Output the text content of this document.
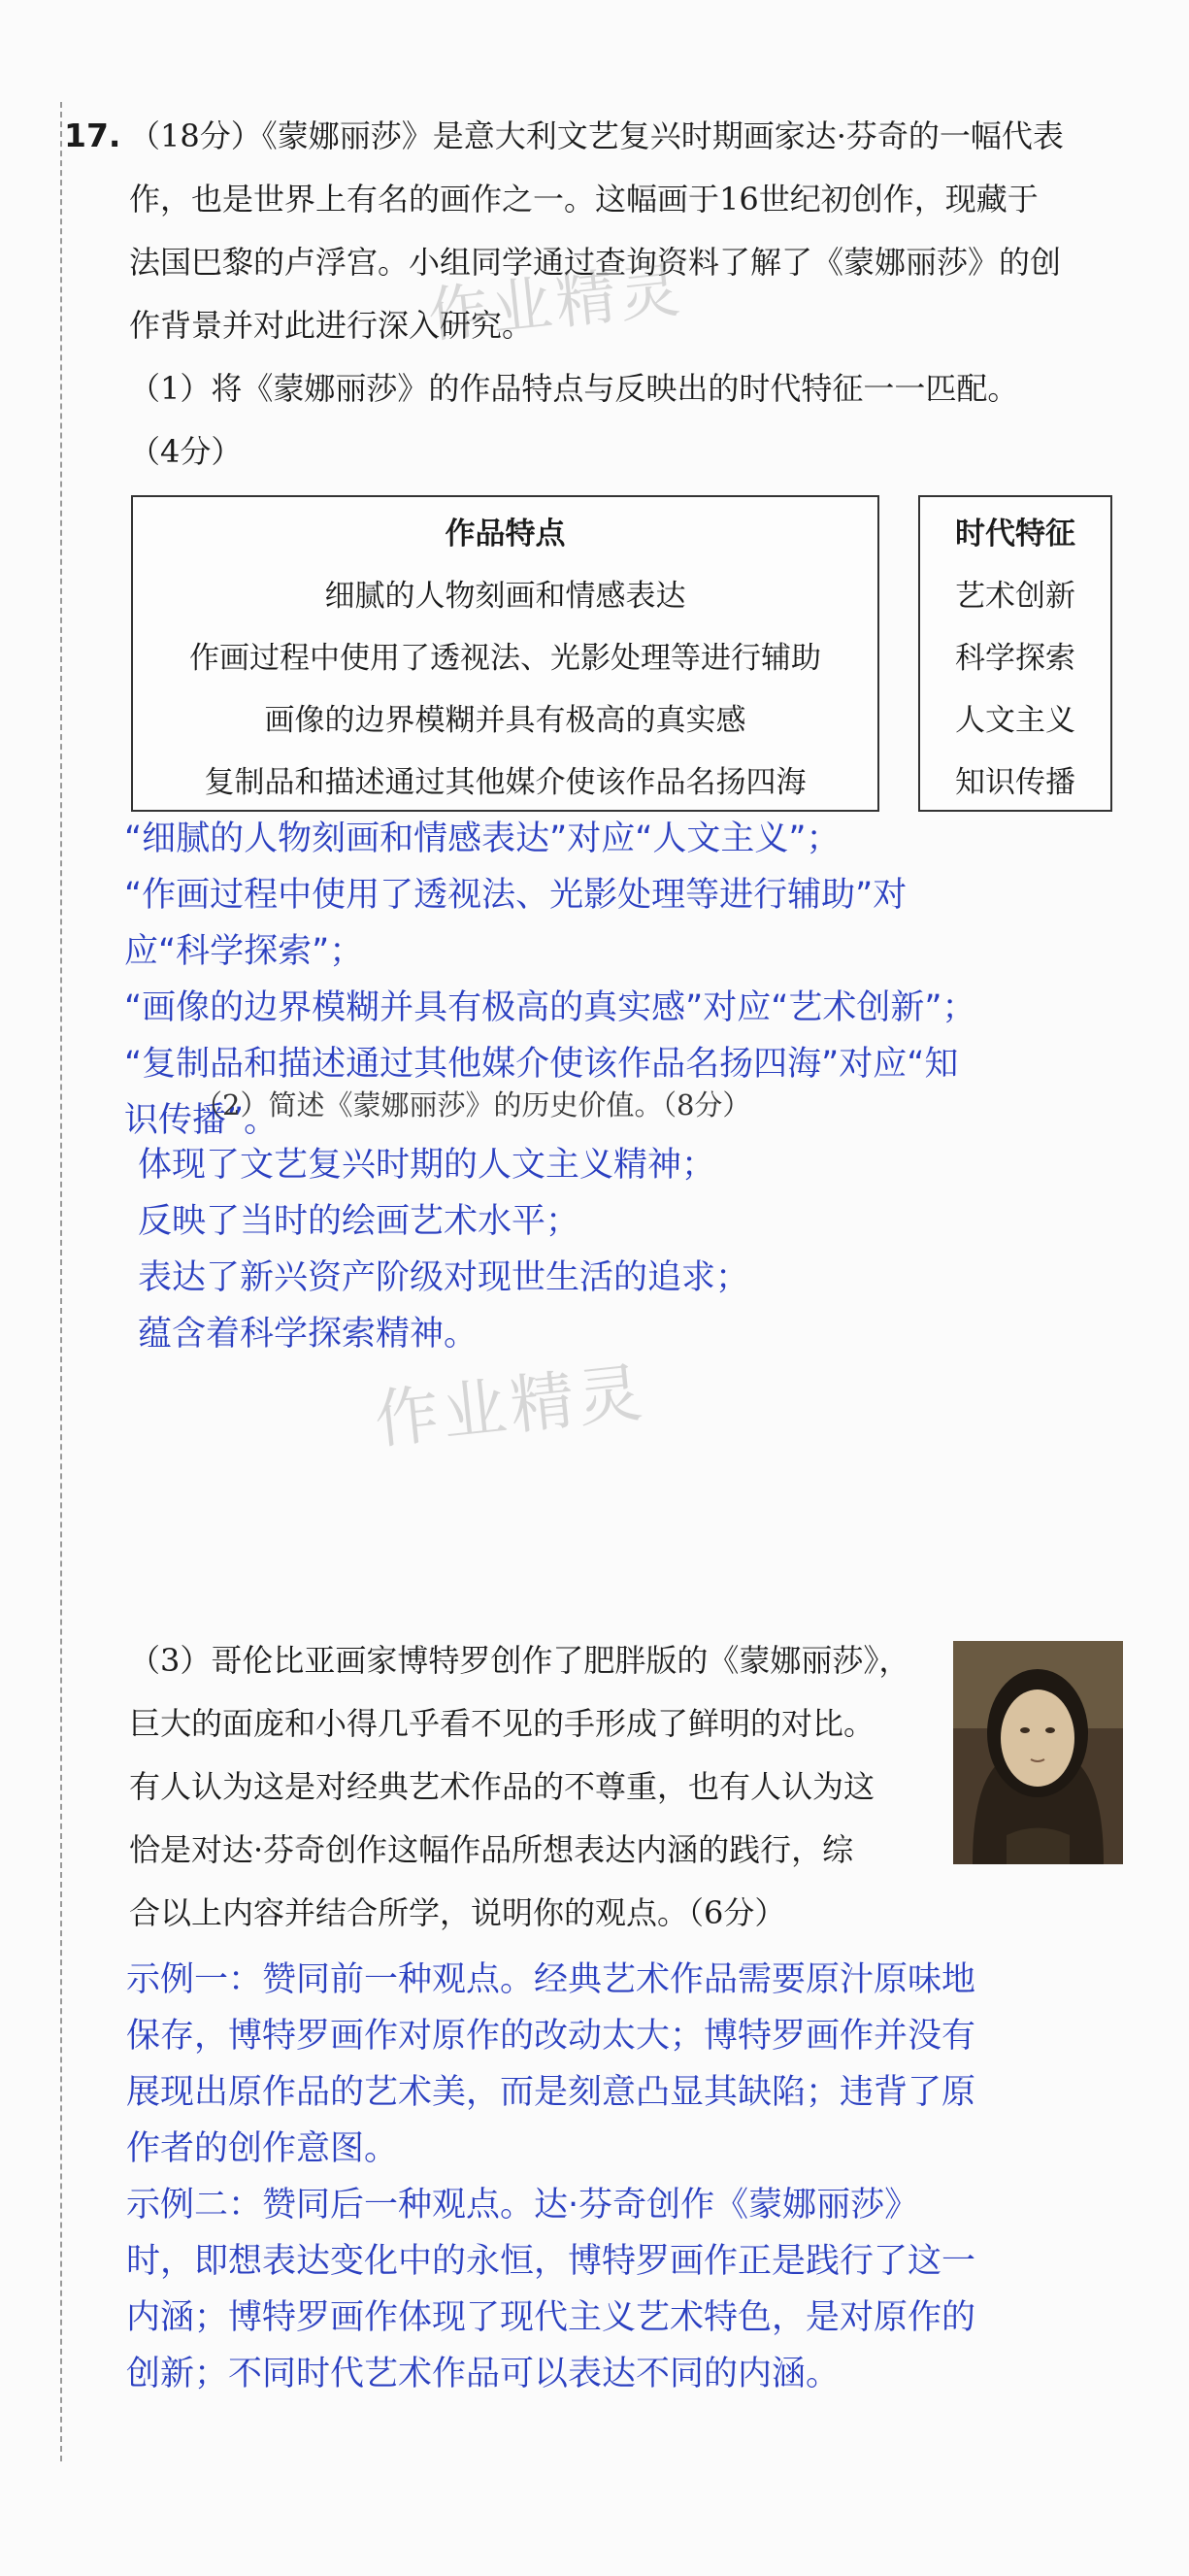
17. （18分）《蒙娜丽莎》是意大利文艺复兴时期画家达·芬奇的一幅代表
作，也是世界上有名的画作之一。这幅画于16世纪初创作，现藏于
法国巴黎的卢浮宫。小组同学通过查询资料了解了《蒙娜丽莎》的创
作背景并对此进行深入研究。
（1）将《蒙娜丽莎》的作品特点与反映出的时代特征一一匹配。
（4分）
作品特点
细腻的人物刻画和情感表达
作画过程中使用了透视法、光影处理等进行辅助
画像的边界模糊并具有极高的真实感
复制品和描述通过其他媒介使该作品名扬四海
时代特征
艺术创新
科学探索
人文主义
知识传播
“细腻的人物刻画和情感表达”对应“人文主义”；
“作画过程中使用了透视法、光影处理等进行辅助”对
应“科学探索”；
“画像的边界模糊并具有极高的真实感”对应“艺术创新”；
“复制品和描述通过其他媒介使该作品名扬四海”对应“知
识传播”。
（2）简述《蒙娜丽莎》的历史价值。（8分）
体现了文艺复兴时期的人文主义精神；
反映了当时的绘画艺术水平；
表达了新兴资产阶级对现世生活的追求；
蕴含着科学探索精神。
作业精灵
作业精灵
（3）哥伦比亚画家博特罗创作了肥胖版的《蒙娜丽莎》，
巨大的面庞和小得几乎看不见的手形成了鲜明的对比。
有人认为这是对经典艺术作品的不尊重，也有人认为这
恰是对达·芬奇创作这幅作品所想表达内涵的践行，综
合以上内容并结合所学，说明你的观点。（6分）
示例一：赞同前一种观点。经典艺术作品需要原汁原味地
保存，博特罗画作对原作的改动太大；博特罗画作并没有
展现出原作品的艺术美，而是刻意凸显其缺陷；违背了原
作者的创作意图。
示例二：赞同后一种观点。达·芬奇创作《蒙娜丽莎》
时，即想表达变化中的永恒，博特罗画作正是践行了这一
内涵；博特罗画作体现了现代主义艺术特色，是对原作的
创新；不同时代艺术作品可以表达不同的内涵。
